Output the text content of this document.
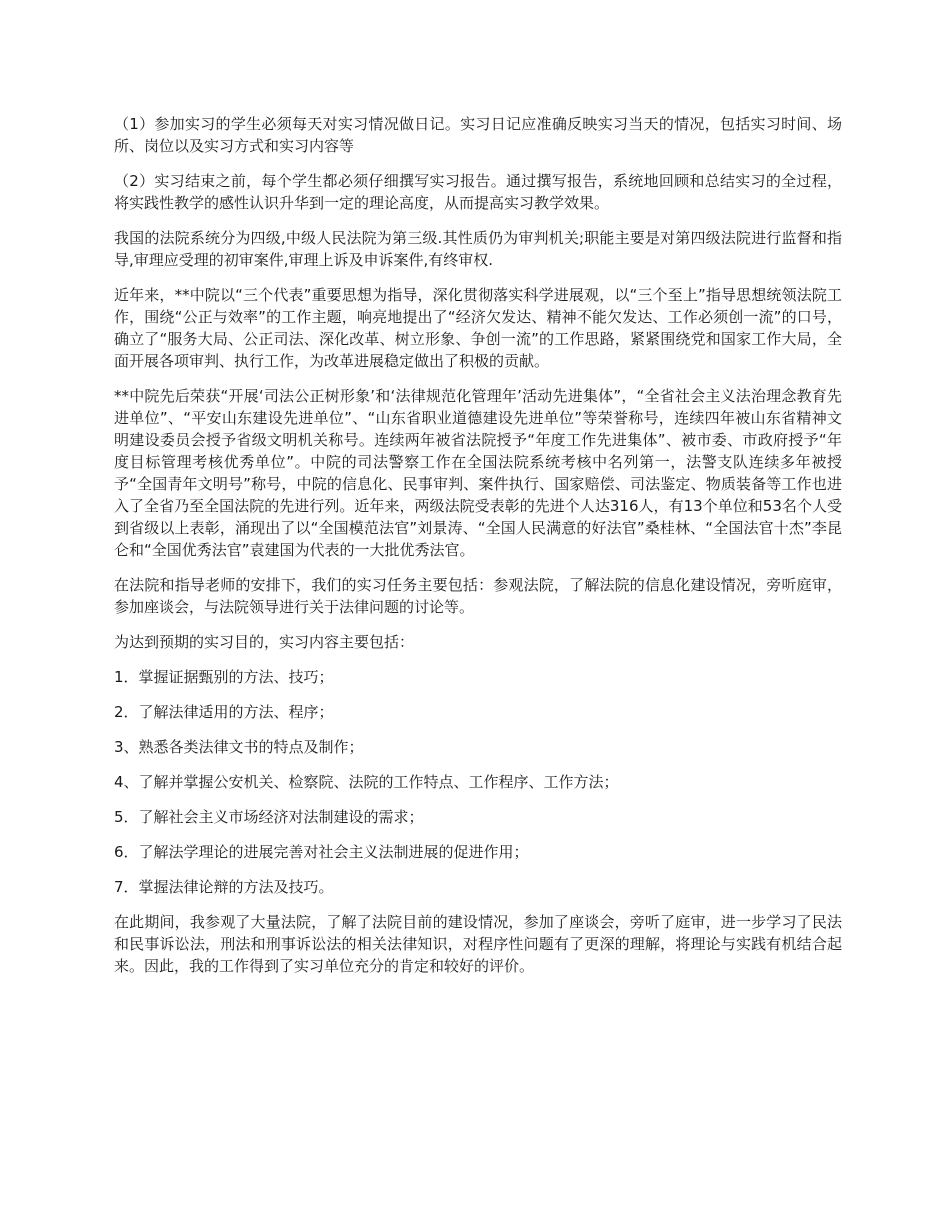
（1）参加实习的学生必须每天对实习情况做日记。实习日记应准确反映实习当天的情况，包括实习时间、场所、岗位以及实习方式和实习内容等

（2）实习结束之前，每个学生都必须仔细撰写实习报告。通过撰写报告，系统地回顾和总结实习的全过程，将实践性教学的感性认识升华到一定的理论高度，从而提高实习教学效果。

我国的法院系统分为四级,中级人民法院为第三级.其性质仍为审判机关;职能主要是对第四级法院进行监督和指导,审理应受理的初审案件,审理上诉及申诉案件,有终审权.

近年来，**中院以“三个代表”重要思想为指导，深化贯彻落实科学进展观，以“三个至上”指导思想统领法院工作，围绕“公正与效率”的工作主题，响亮地提出了“经济欠发达、精神不能欠发达、工作必须创一流”的口号，确立了“服务大局、公正司法、深化改革、树立形象、争创一流”的工作思路，紧紧围绕党和国家工作大局，全面开展各项审判、执行工作，为改革进展稳定做出了积极的贡献。

**中院先后荣获“开展‘司法公正树形象’和‘法律规范化管理年’活动先进集体”，“全省社会主义法治理念教育先进单位”、“平安山东建设先进单位”、“山东省职业道德建设先进单位”等荣誉称号，连续四年被山东省精神文明建设委员会授予省级文明机关称号。连续两年被省法院授予“年度工作先进集体”、被市委、市政府授予“年度目标管理考核优秀单位”。中院的司法警察工作在全国法院系统考核中名列第一，法警支队连续多年被授予“全国青年文明号”称号，中院的信息化、民事审判、案件执行、国家赔偿、司法鉴定、物质装备等工作也进入了全省乃至全国法院的先进行列。近年来，两级法院受表彰的先进个人达316人，有13个单位和53名个人受到省级以上表彰，涌现出了以“全国模范法官”刘景涛、“全国人民满意的好法官”桑桂林、“全国法官十杰”李昆仑和“全国优秀法官”袁建国为代表的一大批优秀法官。

在法院和指导老师的安排下，我们的实习任务主要包括：参观法院，了解法院的信息化建设情况，旁听庭审，参加座谈会，与法院领导进行关于法律问题的讨论等。

为达到预期的实习目的，实习内容主要包括：

1．掌握证据甄别的方法、技巧；

2．了解法律适用的方法、程序；

3、熟悉各类法律文书的特点及制作；

4、了解并掌握公安机关、检察院、法院的工作特点、工作程序、工作方法；

5．了解社会主义市场经济对法制建设的需求；

6．了解法学理论的进展完善对社会主义法制进展的促进作用；

7．掌握法律论辩的方法及技巧。

在此期间，我参观了大量法院，了解了法院目前的建设情况，参加了座谈会，旁听了庭审，进一步学习了民法和民事诉讼法，刑法和刑事诉讼法的相关法律知识，对程序性问题有了更深的理解，将理论与实践有机结合起来。因此，我的工作得到了实习单位充分的肯定和较好的评价。
